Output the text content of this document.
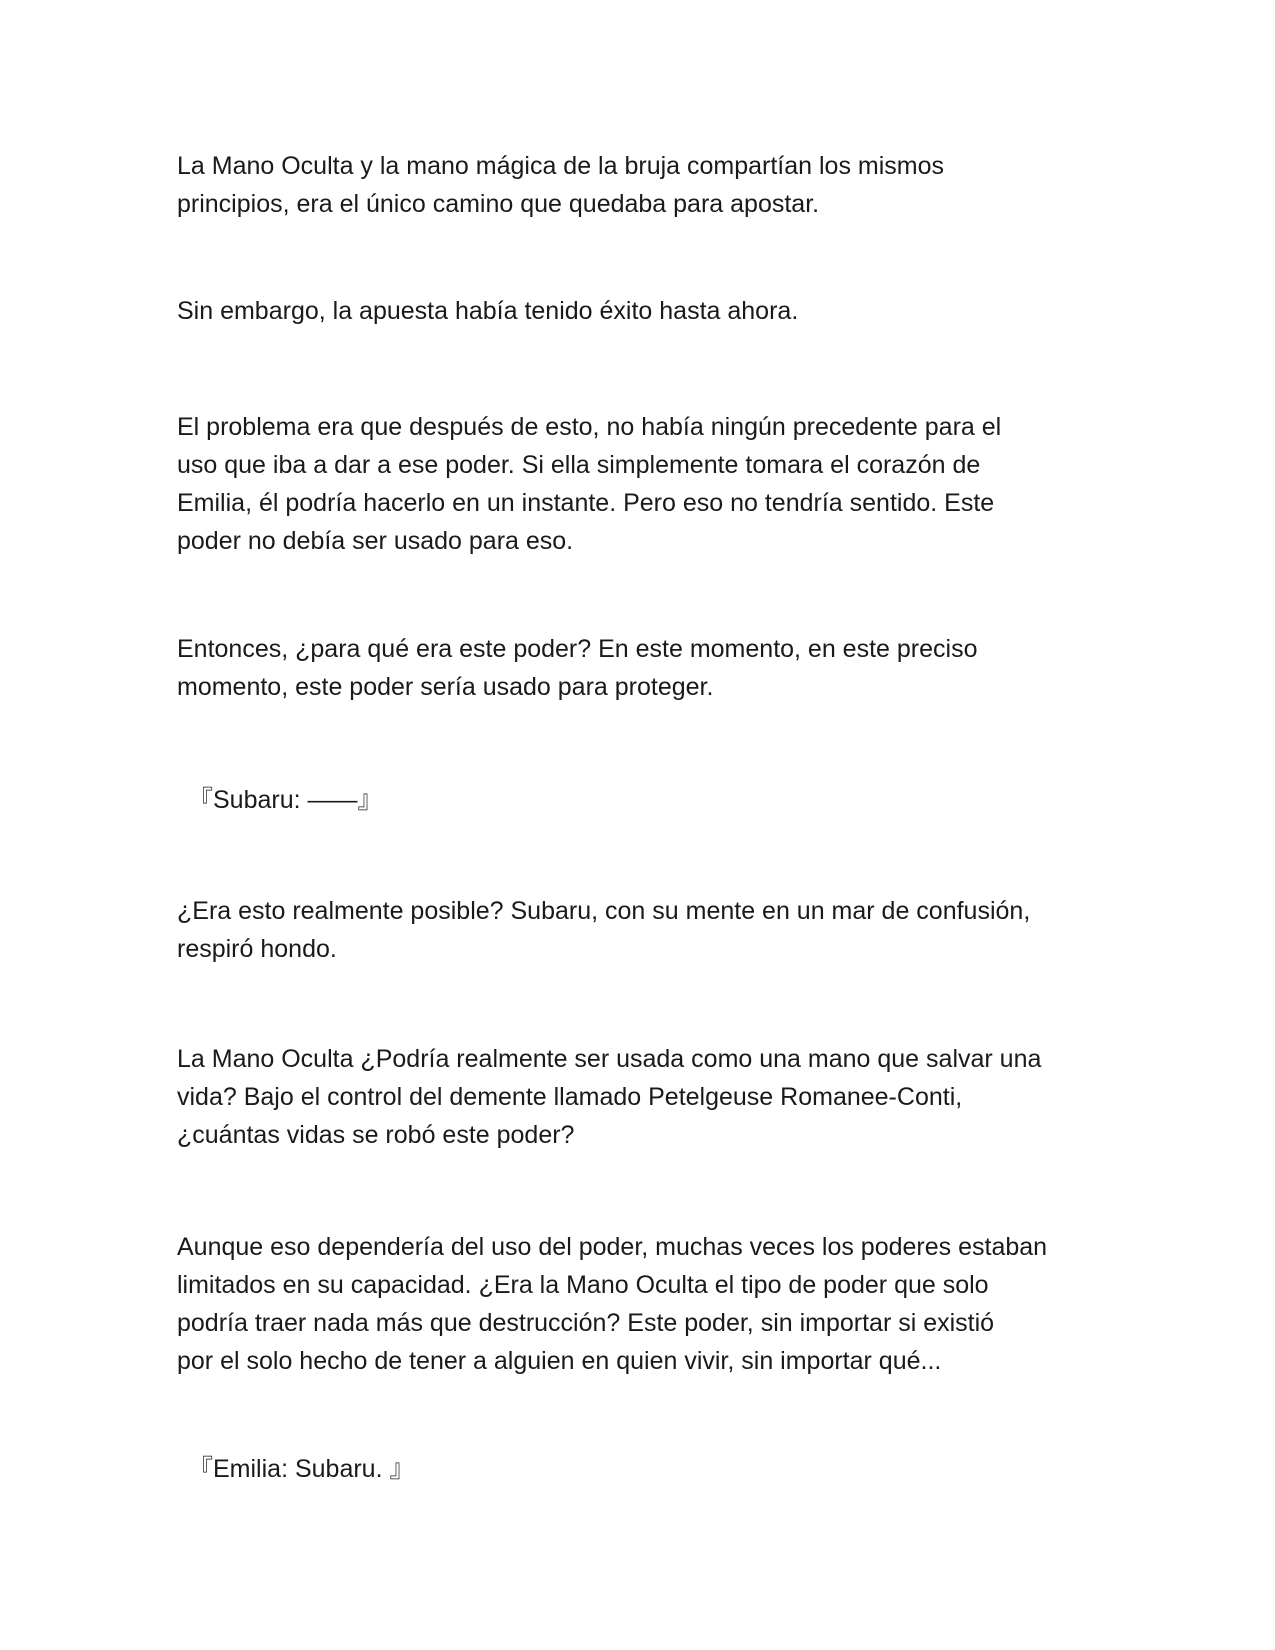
La Mano Oculta y la mano mágica de la bruja compartían los mismos
principios, era el único camino que quedaba para apostar.

Sin embargo, la apuesta había tenido éxito hasta ahora.

El problema era que después de esto, no había ningún precedente para el
uso que iba a dar a ese poder. Si ella simplemente tomara el corazón de
Emilia, él podría hacerlo en un instante. Pero eso no tendría sentido. Este
poder no debía ser usado para eso.

Entonces, ¿para qué era este poder? En este momento, en este preciso
momento, este poder sería usado para proteger.

『Subaru: ——』

¿Era esto realmente posible? Subaru, con su mente en un mar de confusión,
respiró hondo.

La Mano Oculta ¿Podría realmente ser usada como una mano que salvar una
vida? Bajo el control del demente llamado Petelgeuse Romanee-Conti,
¿cuántas vidas se robó este poder?

Aunque eso dependería del uso del poder, muchas veces los poderes estaban
limitados en su capacidad. ¿Era la Mano Oculta el tipo de poder que solo
podría traer nada más que destrucción? Este poder, sin importar si existió
por el solo hecho de tener a alguien en quien vivir, sin importar qué...

『Emilia: Subaru. 』
